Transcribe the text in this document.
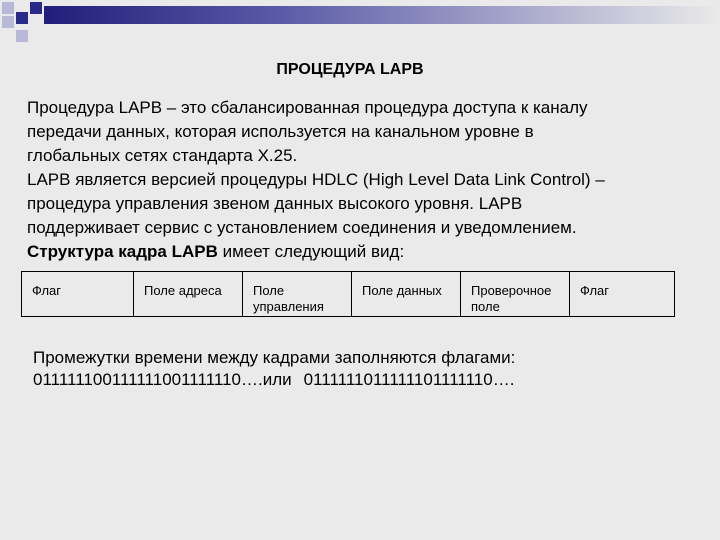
ПРОЦЕДУРА LAPB

Процедура LAPB – это сбалансированная процедура доступа к каналу
передачи данных, которая используется на канальном уровне в
глобальных сетях стандарта X.25.
LAPB является версией процедуры HDLC (High Level Data Link Control) –
процедура управления звеном данных высокого уровня. LAPB
поддерживает сервис с установлением соединения и уведомлением.
Структура кадра LAPB имеет следующий вид:

Флаг	Поле адреса	Поле управления	Поле данных	Проверочное поле	Флаг

Промежутки времени между кадрами заполняются флагами:
011111100111111001111110….или 0111111011111101111110….
